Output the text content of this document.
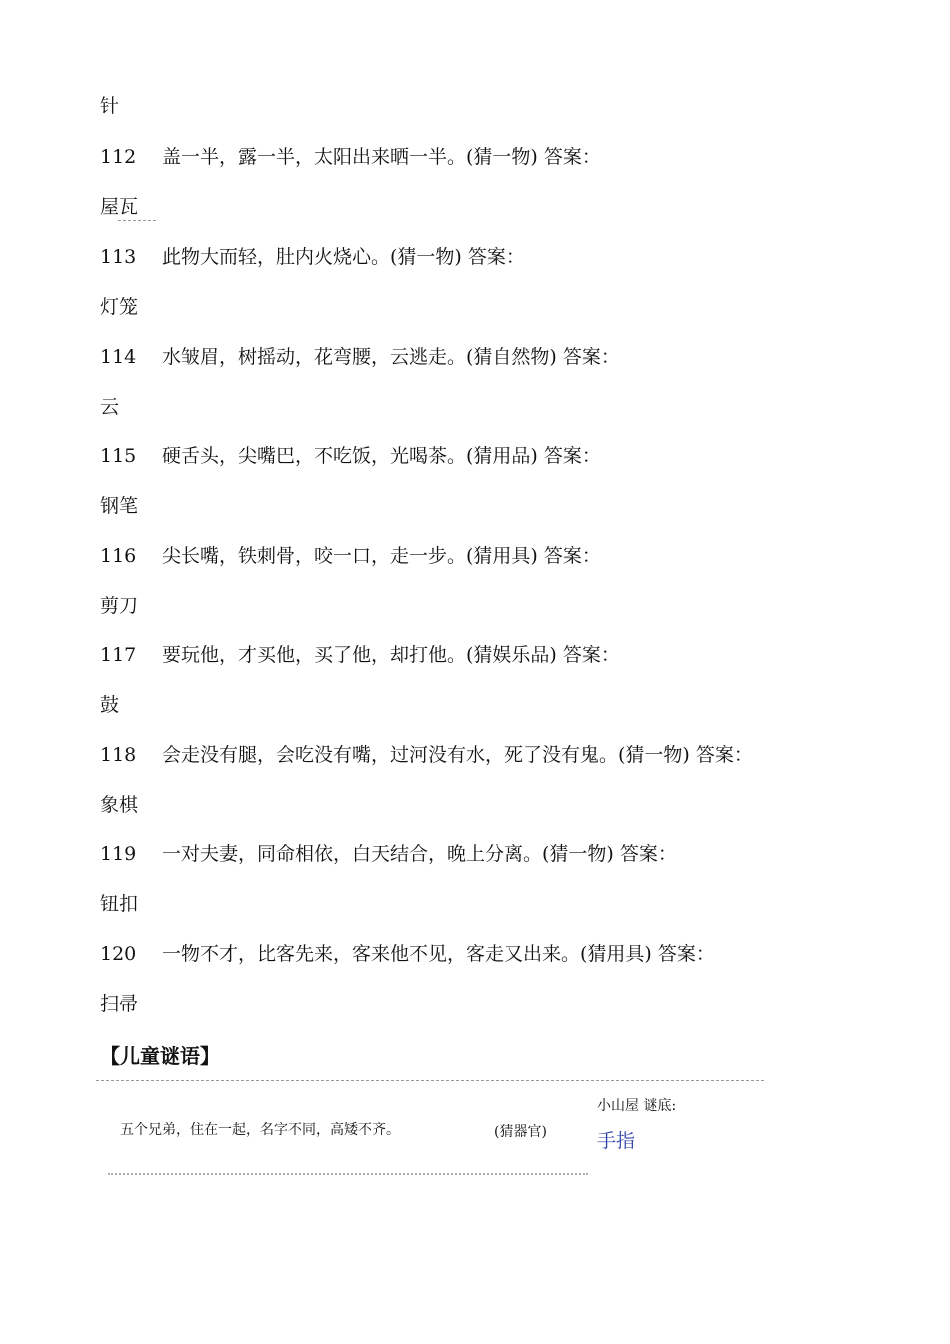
针
112 盖一半，露一半，太阳出来晒一半。(猜一物) 答案：
屋瓦
113 此物大而轻，肚内火烧心。(猜一物) 答案：
灯笼
114 水皱眉，树摇动，花弯腰，云逃走。(猜自然物) 答案：
云
115 硬舌头，尖嘴巴，不吃饭，光喝茶。(猜用品) 答案：
钢笔
116 尖长嘴，铁刺骨，咬一口，走一步。(猜用具) 答案：
剪刀
117 要玩他，才买他，买了他，却打他。(猜娱乐品) 答案：
鼓
118 会走没有腿，会吃没有嘴，过河没有水，死了没有鬼。(猜一物) 答案：
象棋
119 一对夫妻，同命相依，白天结合，晚上分离。(猜一物) 答案：
钮扣
120 一物不才，比客先来，客来他不见，客走又出来。(猜用具) 答案：
扫帚
【儿童谜语】
五个兄弟，住在一起，名字不同，高矮不齐。	(猜器官)
小山屋 谜底:
手指
